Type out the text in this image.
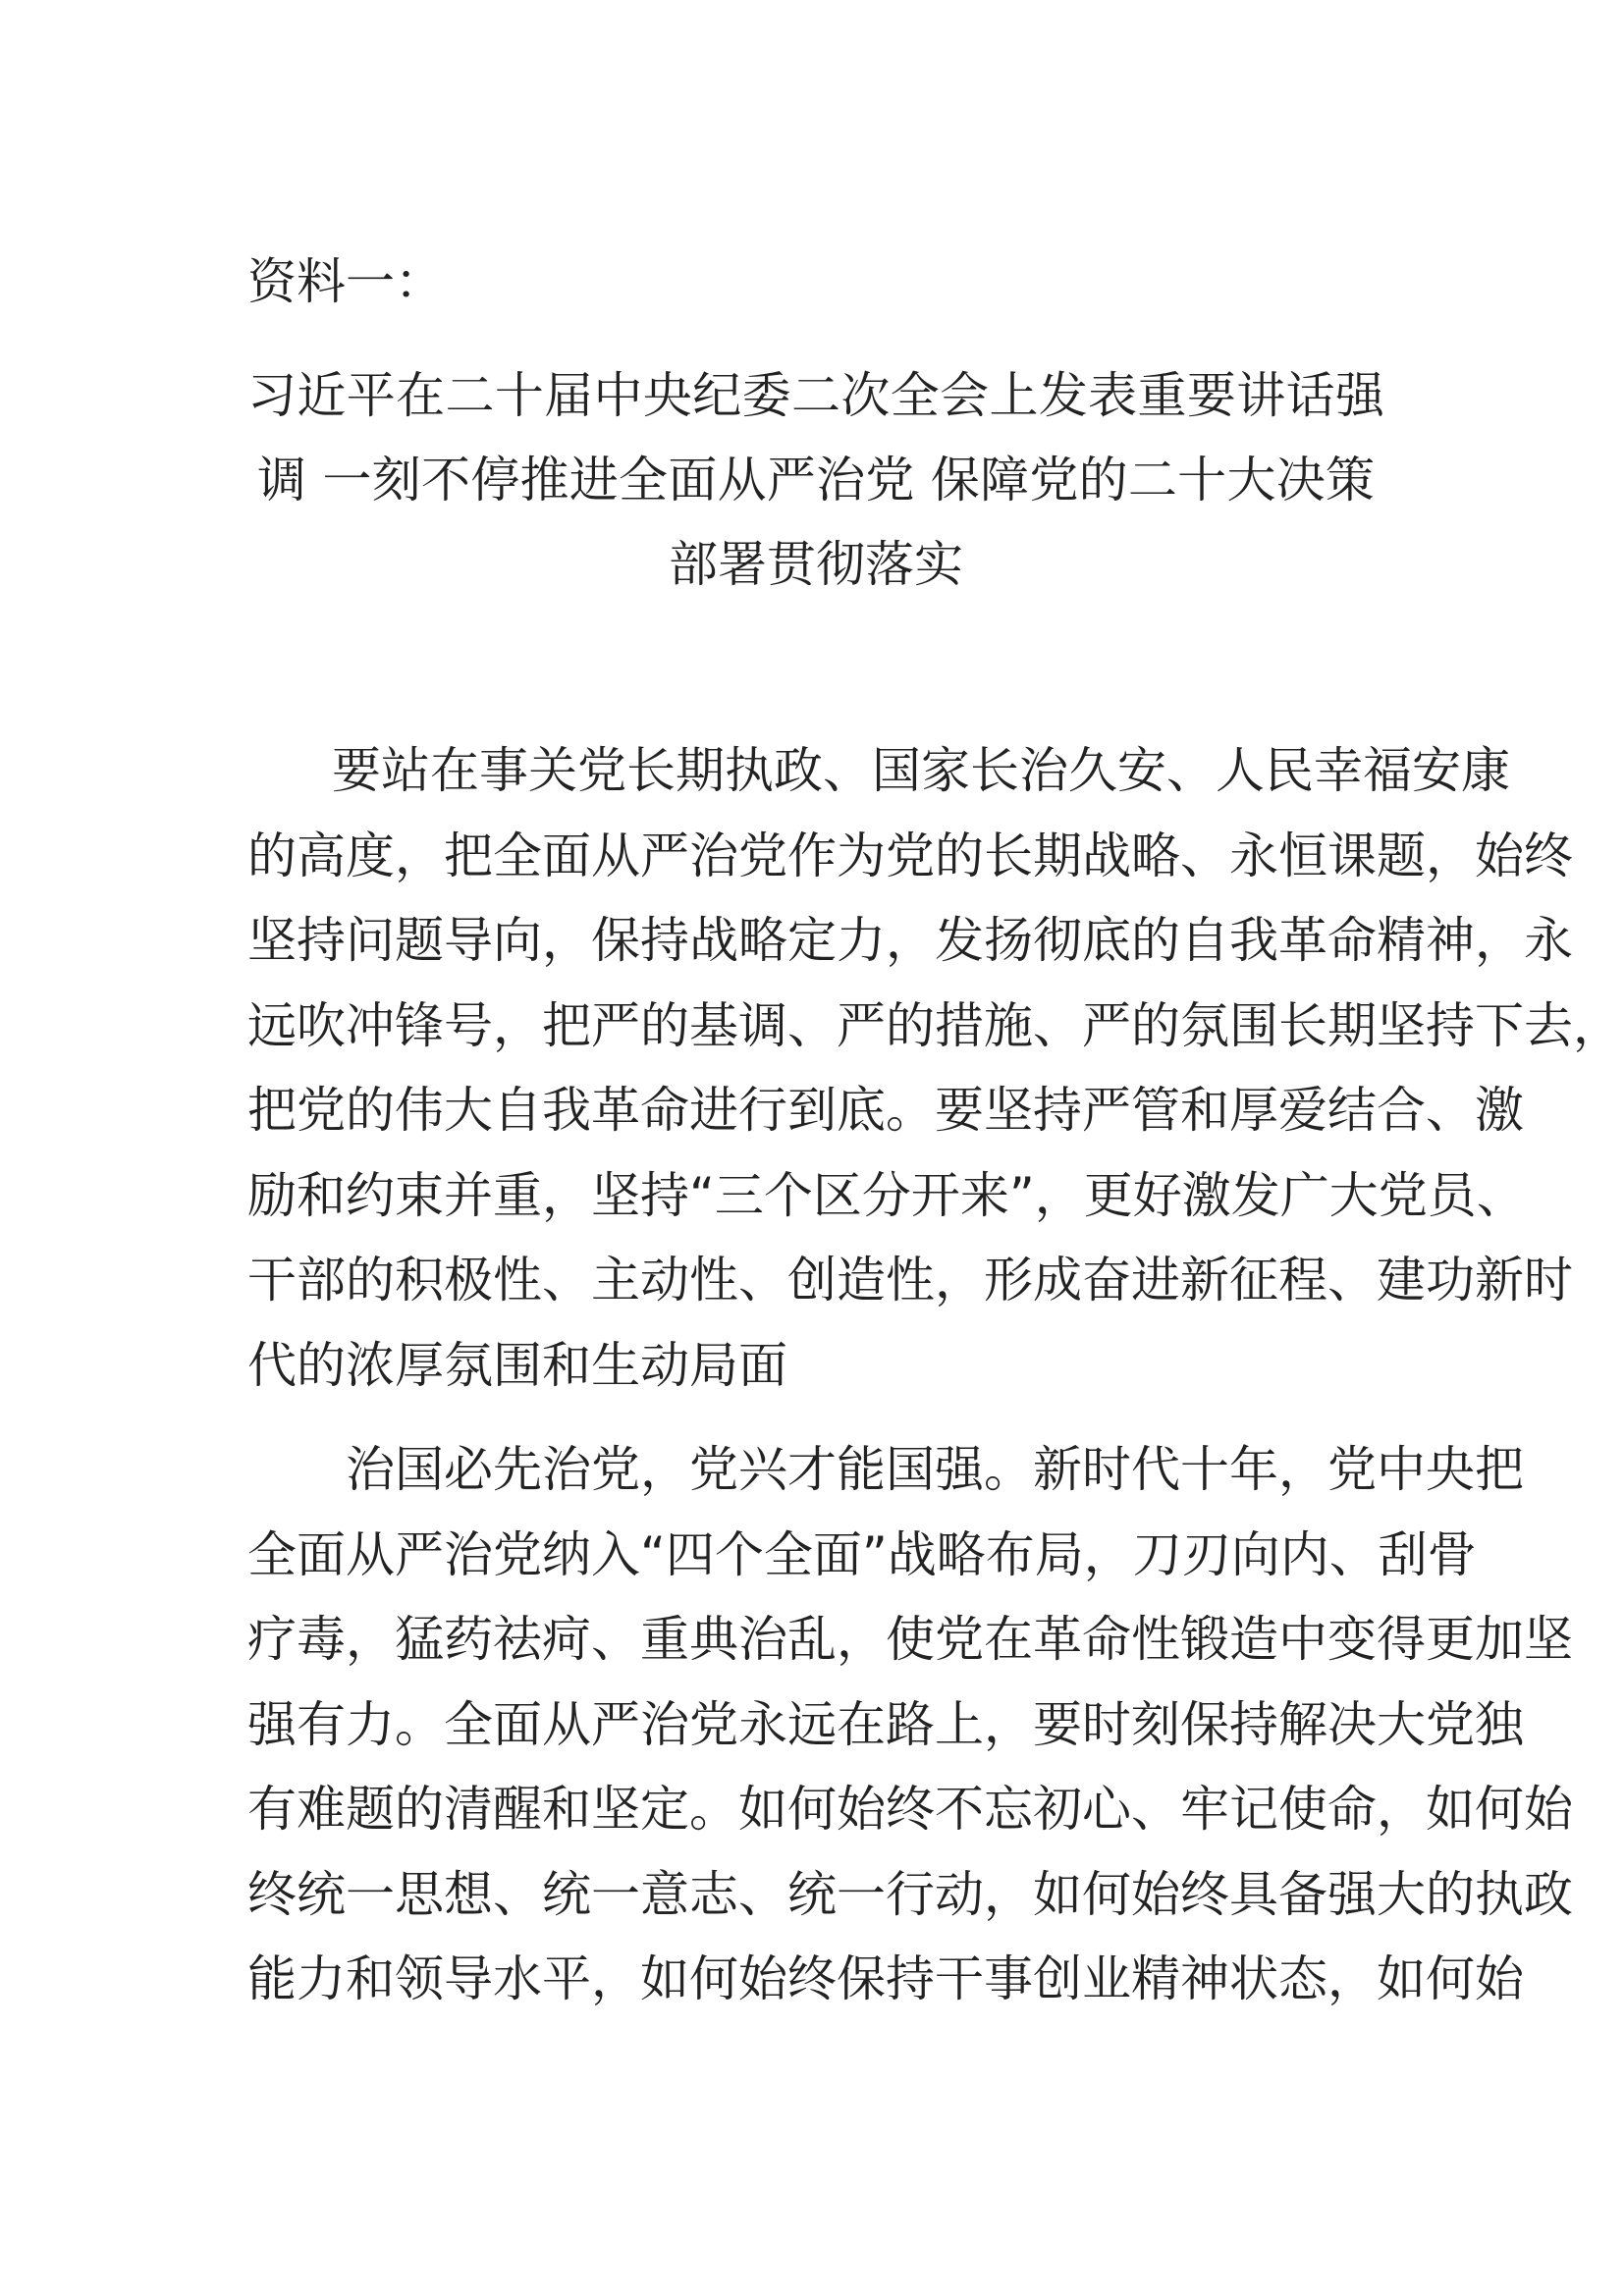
资料一：
习近平在二十届中央纪委二次全会上发表重要讲话强
调 一刻不停推进全面从严治党 保障党的二十大决策
部署贯彻落实
要站在事关党长期执政、国家长治久安、人民幸福安康
的高度，把全面从严治党作为党的长期战略、永恒课题，始终
坚持问题导向，保持战略定力，发扬彻底的自我革命精神，永
远吹冲锋号，把严的基调、严的措施、严的氛围长期坚持下去，
把党的伟大自我革命进行到底。要坚持严管和厚爱结合、激
励和约束并重，坚持“三个区分开来”，更好激发广大党员、
干部的积极性、主动性、创造性，形成奋进新征程、建功新时
代的浓厚氛围和生动局面
治国必先治党，党兴才能国强。新时代十年，党中央把
全面从严治党纳入“四个全面”战略布局，刀刃向内、刮骨
疗毒，猛药祛疴、重典治乱，使党在革命性锻造中变得更加坚
强有力。全面从严治党永远在路上，要时刻保持解决大党独
有难题的清醒和坚定。如何始终不忘初心、牢记使命，如何始
终统一思想、统一意志、统一行动，如何始终具备强大的执政
能力和领导水平，如何始终保持干事创业精神状态，如何始
